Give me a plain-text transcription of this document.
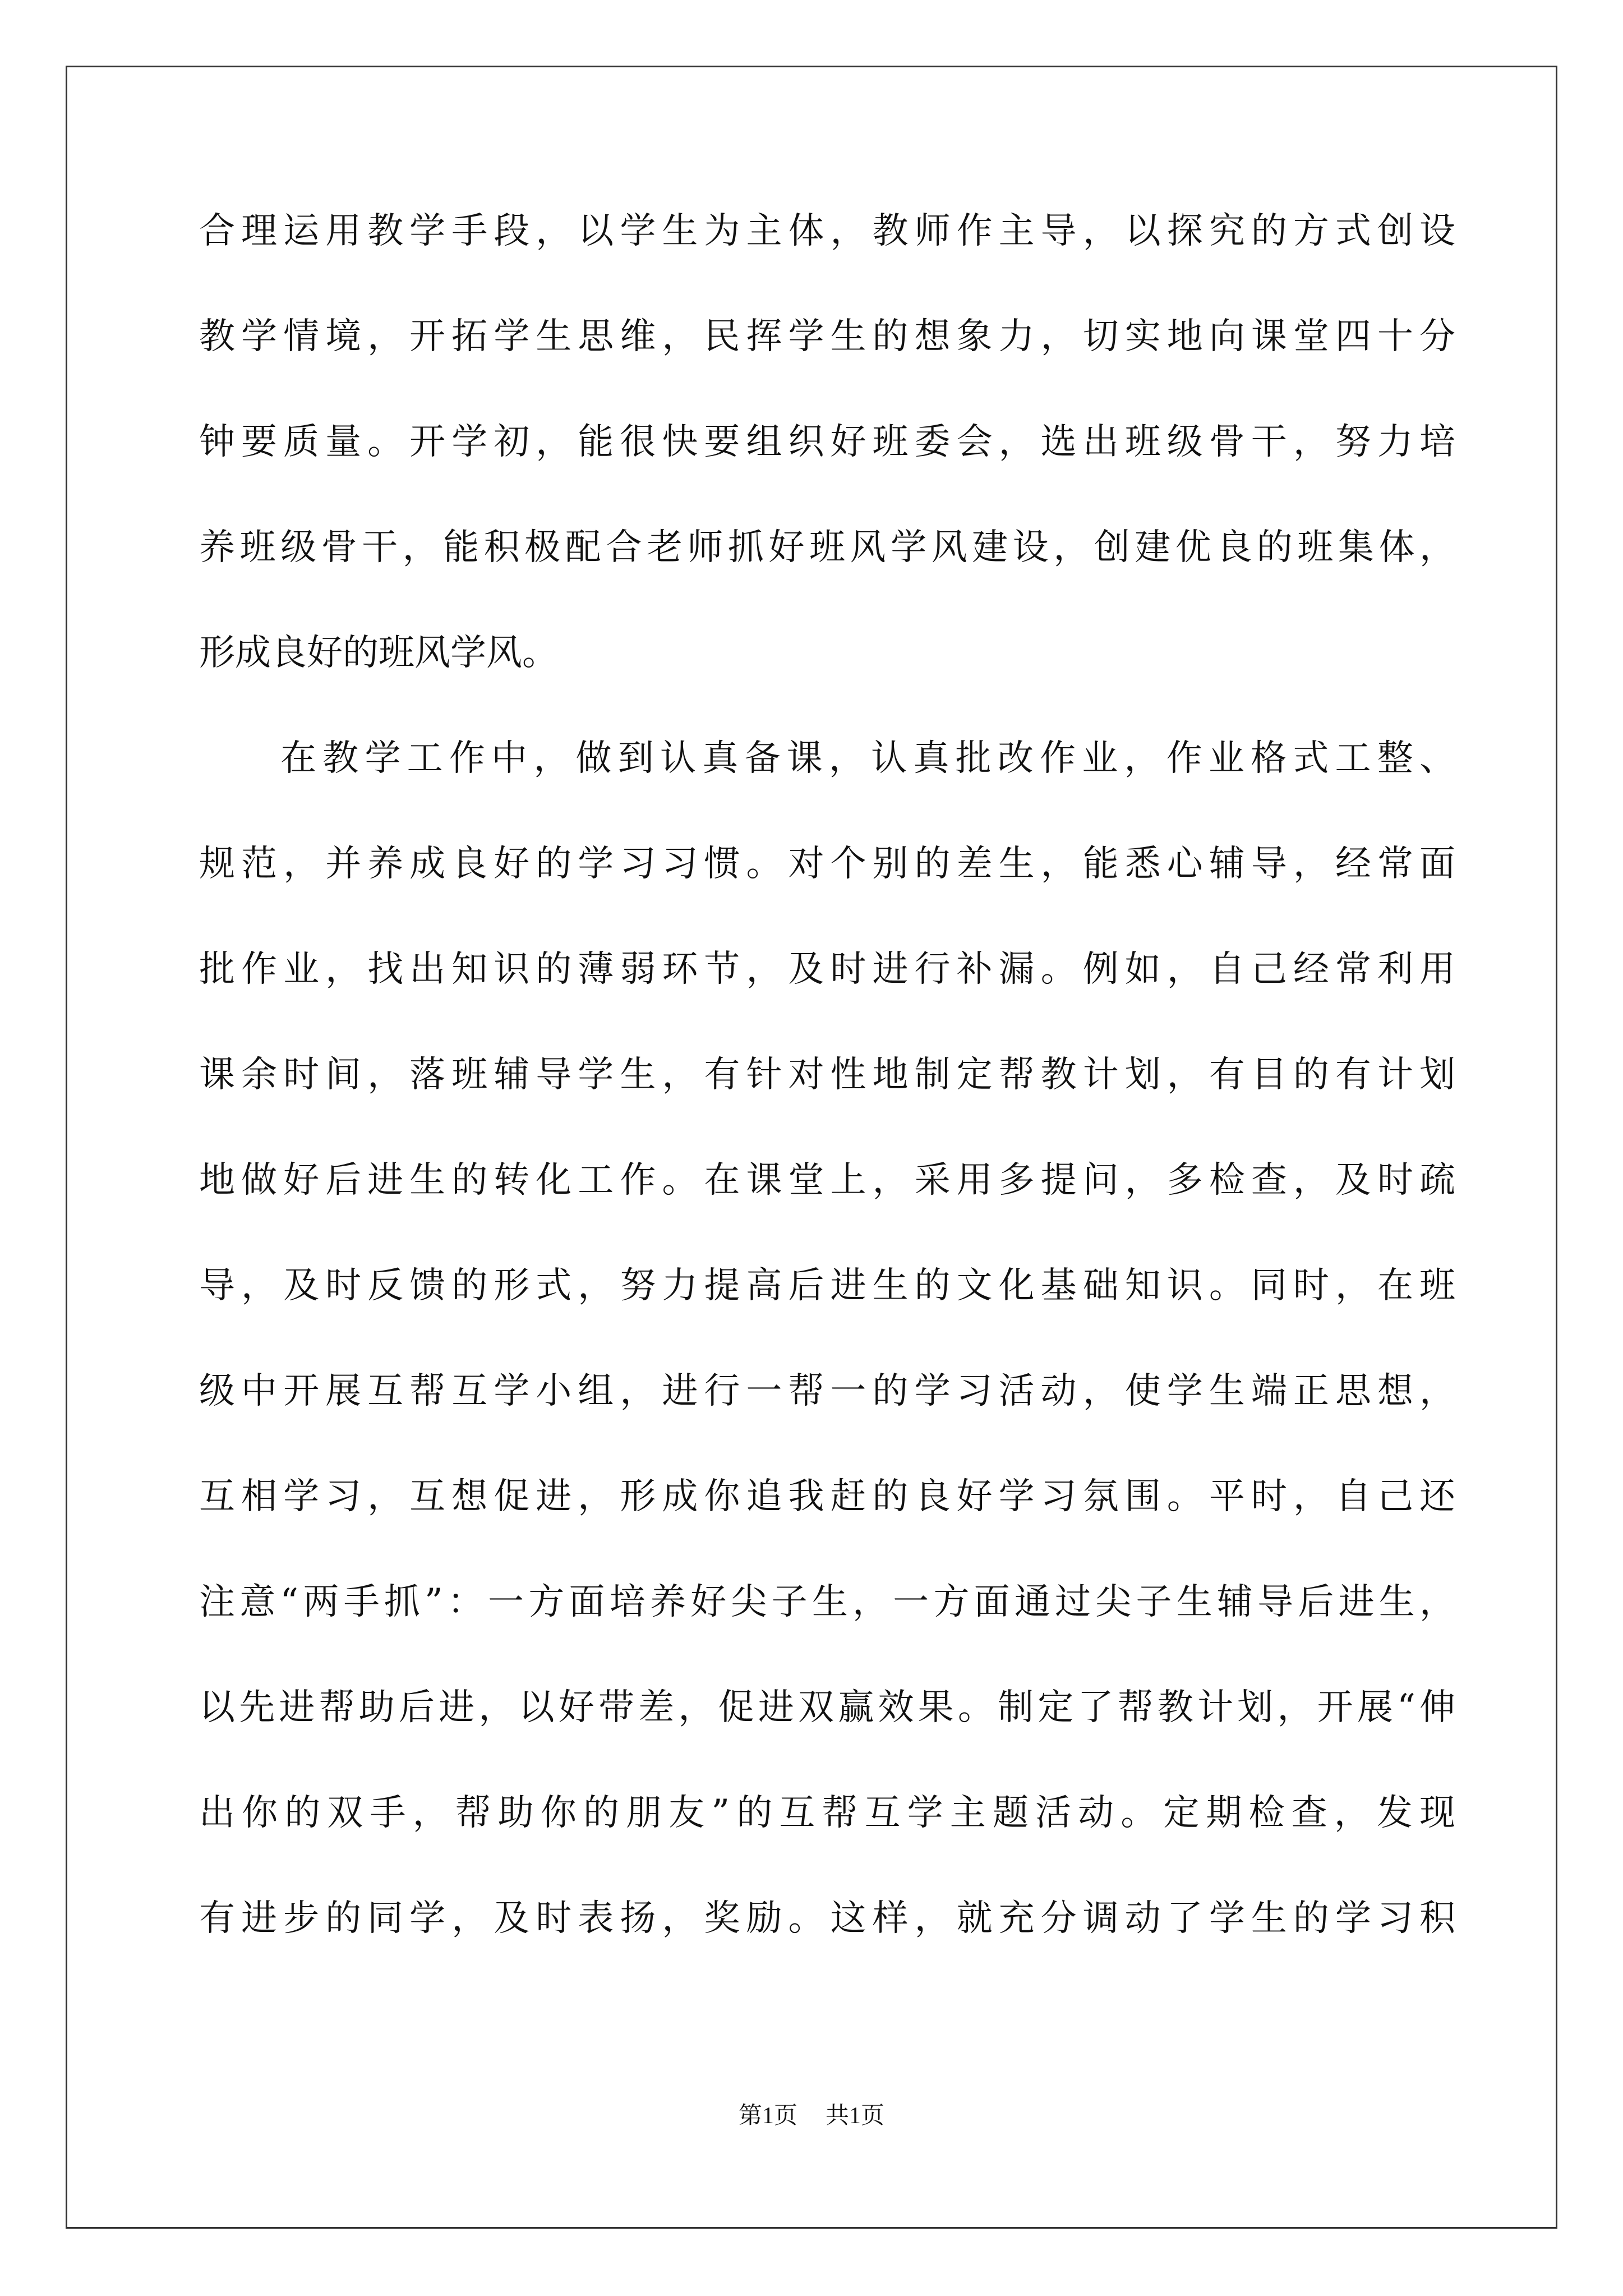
合理运用教学手段，以学生为主体，教师作主导，以探究的方式创设
教学情境，开拓学生思维，民挥学生的想象力，切实地向课堂四十分
钟要质量。开学初，能很快要组织好班委会，选出班级骨干，努力培
养班级骨干，能积极配合老师抓好班风学风建设，创建优良的班集体，
形成良好的班风学风。
在教学工作中，做到认真备课，认真批改作业，作业格式工整、
规范，并养成良好的学习习惯。对个别的差生，能悉心辅导，经常面
批作业，找出知识的薄弱环节，及时进行补漏。例如，自己经常利用
课余时间，落班辅导学生，有针对性地制定帮教计划，有目的有计划
地做好后进生的转化工作。在课堂上，采用多提问，多检查，及时疏
导，及时反馈的形式，努力提高后进生的文化基础知识。同时，在班
级中开展互帮互学小组，进行一帮一的学习活动，使学生端正思想，
互相学习，互想促进，形成你追我赶的良好学习氛围。平时，自己还
注意“两手抓”：一方面培养好尖子生，一方面通过尖子生辅导后进生，
以先进帮助后进，以好带差，促进双赢效果。制定了帮教计划，开展“伸
出你的双手，帮助你的朋友”的互帮互学主题活动。定期检查，发现
有进步的同学，及时表扬，奖励。这样，就充分调动了学生的学习积
第1页 共1页
